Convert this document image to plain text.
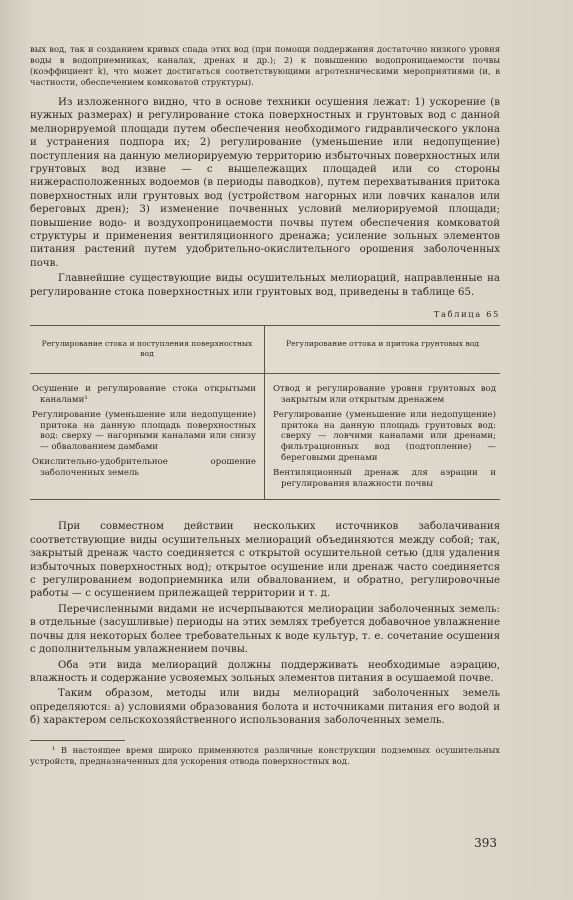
вых вод, так и созданием кривых спада этих вод (при помощи поддержания достаточно низкого уровня воды в водоприемниках, каналах, дренах и др.); 2) к повышению водопроницаемости почвы (коэффициент k), что может достигаться соответствующими агротехническими мероприятиями (и, в частности, обеспечением комковатой структуры).

Из изложенного видно, что в основе техники осушения лежат: 1) ускорение (в нужных размерах) и регулирование стока поверхностных и грунтовых вод с данной мелиорируемой площади путем обеспечения необходимого гидравлического уклона и устранения подпора их; 2) регулирование (уменьшение или недопущение) поступления на данную мелиорируемую территорию избыточных поверхностных или грунтовых вод извне — с вышележащих площадей или со стороны нижерасположенных водоемов (в периоды паводков), путем перехватывания притока поверхностных или грунтовых вод (устройством нагорных или ловчих каналов или береговых дрен); 3) изменение почвенных условий мелиорируемой площади; повышение водо- и воздухопроницаемости почвы путем обеспечения комковатой структуры и применения вентиляционного дренажа; усиление зольных элементов питания растений путем удобрительно-окислительного орошения заболоченных почв.

Главнейшие существующие виды осушительных мелиораций, направленные на регулирование стока поверхностных или грунтовых вод, приведены в таблице 65.

Таблица 65
Регулирование стока и поступления поверхностных вод
Регулирование оттока и притока грунтовых вод
Осушение и регулирование стока открытыми каналами¹
Регулирование (уменьшение или недопущение) притока на данную площадь поверхностных вод: сверху — нагорными каналами или снизу — обвалованием дамбами
Окислительно-удобрительное орошение заболоченных земель
Отвод и регулирование уровня грунтовых вод закрытым или открытым дренажем
Регулирование (уменьшение или недопущение) притока на данную площадь грунтовых вод: сверху — ловчими каналами или дренами; фильтрационных вод (подтопление) — береговыми дренами
Вентиляционный дренаж для аэрации и регулирования влажности почвы

При совместном действии нескольких источников заболачивания соответствующие виды осушительных мелиораций объединяются между собой; так, закрытый дренаж часто соединяется с открытой осушительной сетью (для удаления избыточных поверхностных вод); открытое осушение или дренаж часто соединяется с регулированием водоприемника или обвалованием, и обратно, регулировочные работы — с осушением прилежащей территории и т. д.

Перечисленными видами не исчерпываются мелиорации заболоченных земель: в отдельные (засушливые) периоды на этих землях требуется добавочное увлажнение почвы для некоторых более требовательных к воде культур, т. е. сочетание осушения с дополнительным увлажнением почвы.

Оба эти вида мелиораций должны поддерживать необходимые аэрацию, влажность и содержание усвояемых зольных элементов питания в осушаемой почве.

Таким образом, методы или виды мелиораций заболоченных земель определяются: а) условиями образования болота и источниками питания его водой и б) характером сельскохозяйственного использования заболоченных земель.

¹ В настоящее время широко применяются различные конструкции подземных осушительных устройств, предназначенных для ускорения отвода поверхностных вод.

393
